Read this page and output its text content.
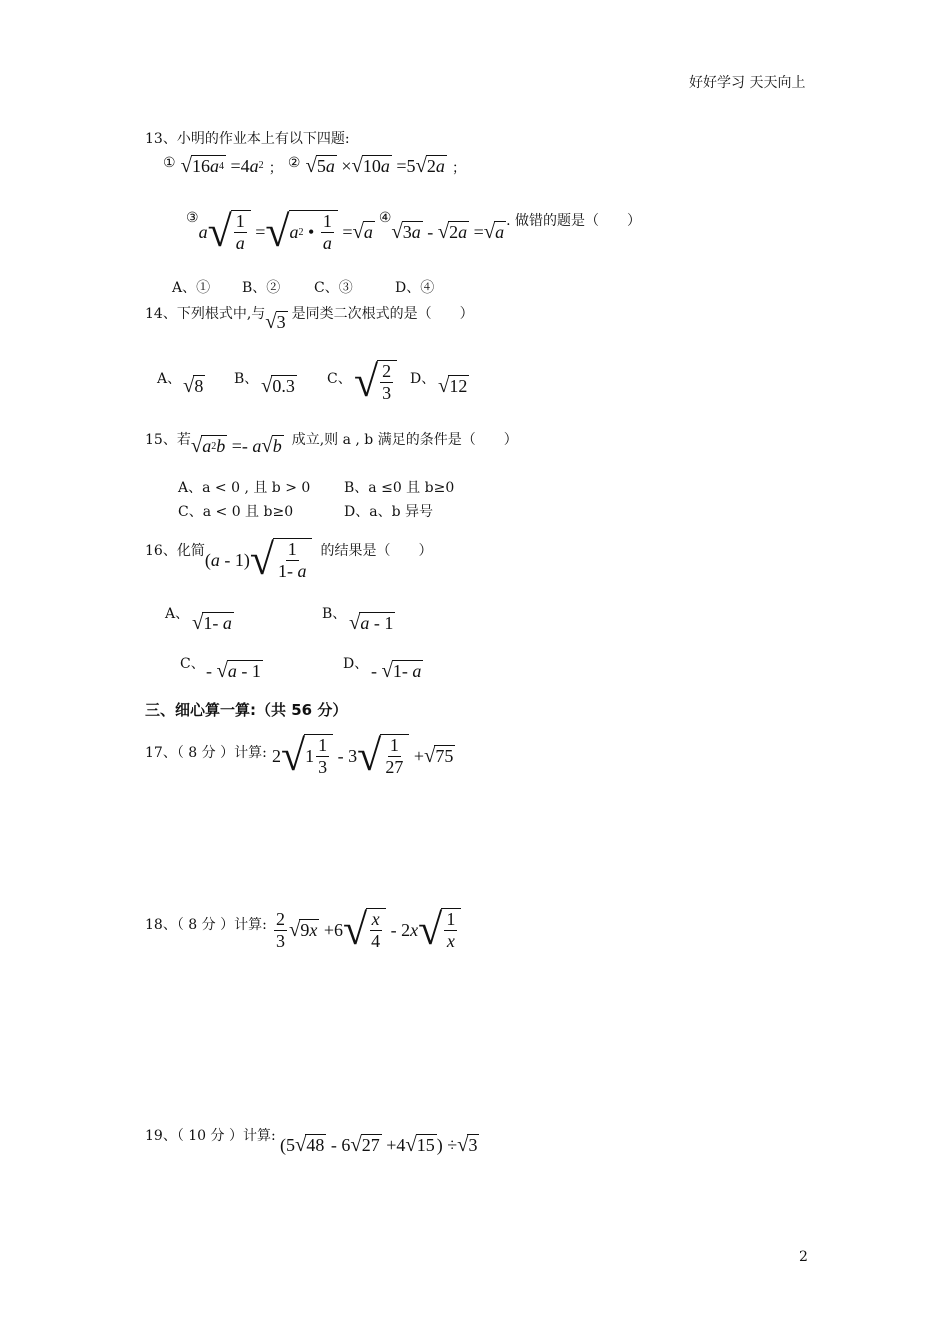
好好学习 天天向上
2
13、小明的作业本上有以下四题:
① √ 16 a 4 =4 a 2 ； ② √ 5 a × √ 10 a =5 √ 2 a ；
③
a √ $\frac{1}{a}$ = √ a 2 • $\frac{1}{a}$ = √ a
④
√ 3 a - √ 2 a = √ a
. 做错的题是（　　）
A、① B、② C、③	D、④
14、下列根式中,与 √ 3 是同类二次根式的是（　　）
A、 √ 8 B、 √ 0.3 C、 √ $\frac{2}{3}$ D、 √ 12
15、若 √ a 2 b =- a √ b 成立,则 a , b 满足的条件是（　　）
A、a < 0 , 且 b > 0 B、a ≤0 且 b≥0
C、a < 0 且 b≥0	D、a、b 异号
16、化简 ( a - 1) √ $\frac{1}{1- a}$ 的结果是（　　）
A、 √ 1- a	B、 √ a - 1
C、 - √ a - 1	D、 - √ 1- a
三、细心算一算:（共 56 分）
17、（ 8 分 ）计算: 2 √ $1 \frac{1}{3} - 3$ √ $\frac{1}{27}$ + √ 75
18、（ 8 分 ）计算: $\frac{2}{3}$ √ 9 x +6 √ $\frac{x}{4} - 2$ x √ $\frac{1}{x}$
19、（ 10 分 ）计算: (5 √ 48 - 6 √ 27 +4 √ 15 ) ÷ √ 3
